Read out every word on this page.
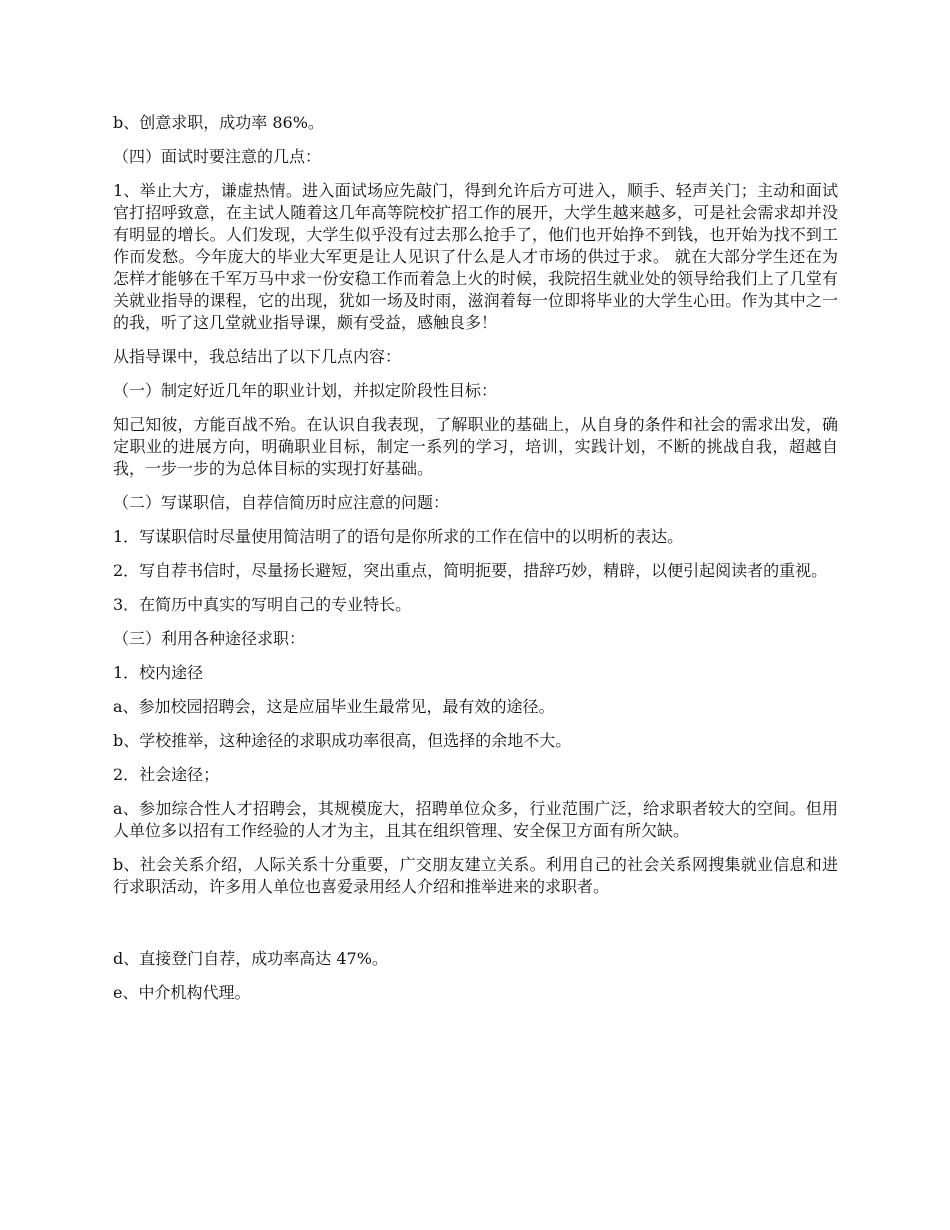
b、创意求职，成功率 86%。

（四）面试时要注意的几点：

1、举止大方，谦虚热情。进入面试场应先敲门，得到允许后方可进入，顺手、轻声关门；主动和面试官打招呼致意，在主试人随着这几年高等院校扩招工作的展开，大学生越来越多，可是社会需求却并没有明显的增长。人们发现，大学生似乎没有过去那么抢手了，他们也开始挣不到钱，也开始为找不到工作而发愁。今年庞大的毕业大军更是让人见识了什么是人才市场的供过于求。 就在大部分学生还在为怎样才能够在千军万马中求一份安稳工作而着急上火的时候，我院招生就业处的领导给我们上了几堂有关就业指导的课程，它的出现，犹如一场及时雨，滋润着每一位即将毕业的大学生心田。作为其中之一的我，听了这几堂就业指导课，颇有受益，感触良多！

从指导课中，我总结出了以下几点内容：

（一）制定好近几年的职业计划，并拟定阶段性目标：

知己知彼，方能百战不殆。在认识自我表现，了解职业的基础上，从自身的条件和社会的需求出发，确定职业的进展方向，明确职业目标，制定一系列的学习，培训，实践计划，不断的挑战自我，超越自我，一步一步的为总体目标的实现打好基础。

（二）写谋职信，自荐信简历时应注意的问题：

1．写谋职信时尽量使用简洁明了的语句是你所求的工作在信中的以明析的表达。

2．写自荐书信时，尽量扬长避短，突出重点，简明扼要，措辞巧妙，精辟，以便引起阅读者的重视。

3．在简历中真实的写明自己的专业特长。

（三）利用各种途径求职：

1．校内途径

a、参加校园招聘会，这是应届毕业生最常见，最有效的途径。

b、学校推举，这种途径的求职成功率很高，但选择的余地不大。

2．社会途径；

a、参加综合性人才招聘会，其规模庞大，招聘单位众多，行业范围广泛，给求职者较大的空间。但用人单位多以招有工作经验的人才为主，且其在组织管理、安全保卫方面有所欠缺。

b、社会关系介绍，人际关系十分重要，广交朋友建立关系。利用自己的社会关系网搜集就业信息和进行求职活动，许多用人单位也喜爱录用经人介绍和推举进来的求职者。

d、直接登门自荐，成功率高达 47%。

e、中介机构代理。
